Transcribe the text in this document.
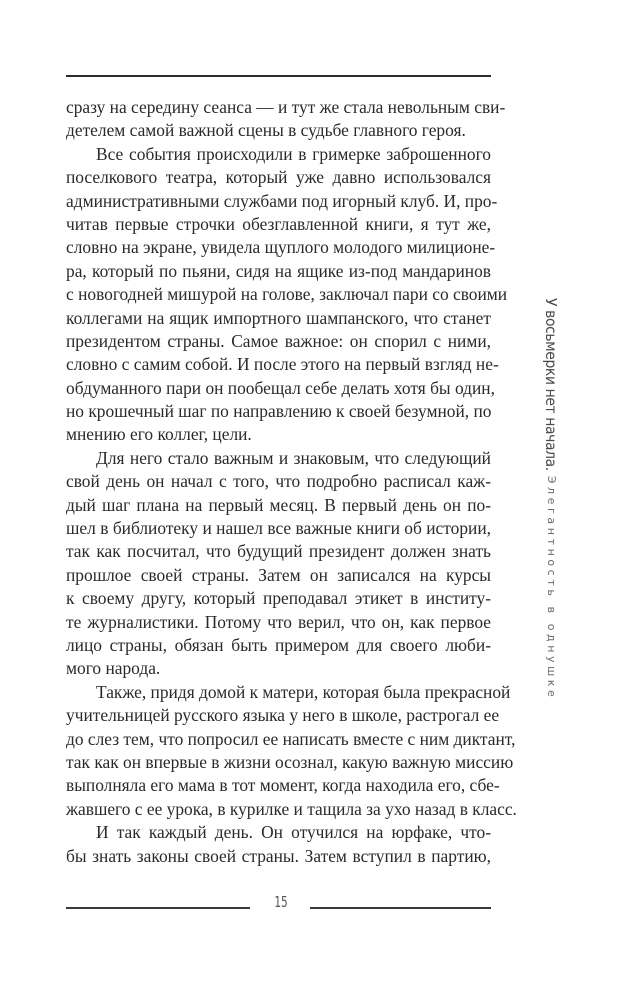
сразу на середину сеанса — и тут же стала невольным сви-
детелем самой важной сцены в судьбе главного героя.
Все события происходили в гримерке заброшенного
поселкового театра, который уже давно использовался
административными службами под игорный клуб. И, про-
читав первые строчки обезглавленной книги, я тут же,
словно на экране, увидела щуплого молодого милиционе-
ра, который по пьяни, сидя на ящике из-под мандаринов
с новогодней мишурой на голове, заключал пари со своими
коллегами на ящик импортного шампанского, что станет
президентом страны. Самое важное: он спорил с ними,
словно с самим собой. И после этого на первый взгляд не-
обдуманного пари он пообещал себе делать хотя бы один,
но крошечный шаг по направлению к своей безумной, по
мнению его коллег, цели.
Для него стало важным и знаковым, что следующий
свой день он начал с того, что подробно расписал каж-
дый шаг плана на первый месяц. В первый день он по-
шел в библиотеку и нашел все важные книги об истории,
так как посчитал, что будущий президент должен знать
прошлое своей страны. Затем он записался на курсы
к своему другу, который преподавал этикет в институ-
те журналистики. Потому что верил, что он, как первое
лицо страны, обязан быть примером для своего люби-
мого народа.
Также, придя домой к матери, которая была прекрасной
учительницей русского языка у него в школе, растрогал ее
до слез тем, что попросил ее написать вместе с ним диктант,
так как он впервые в жизни осознал, какую важную миссию
выполняла его мама в тот момент, когда находила его, сбе-
жавшего с ее урока, в курилке и тащила за ухо назад в класс.
И так каждый день. Он отучился на юрфаке, что-
бы знать законы своей страны. Затем вступил в партию,
У восьмерки нет начала. Элегантность в однушке
15
